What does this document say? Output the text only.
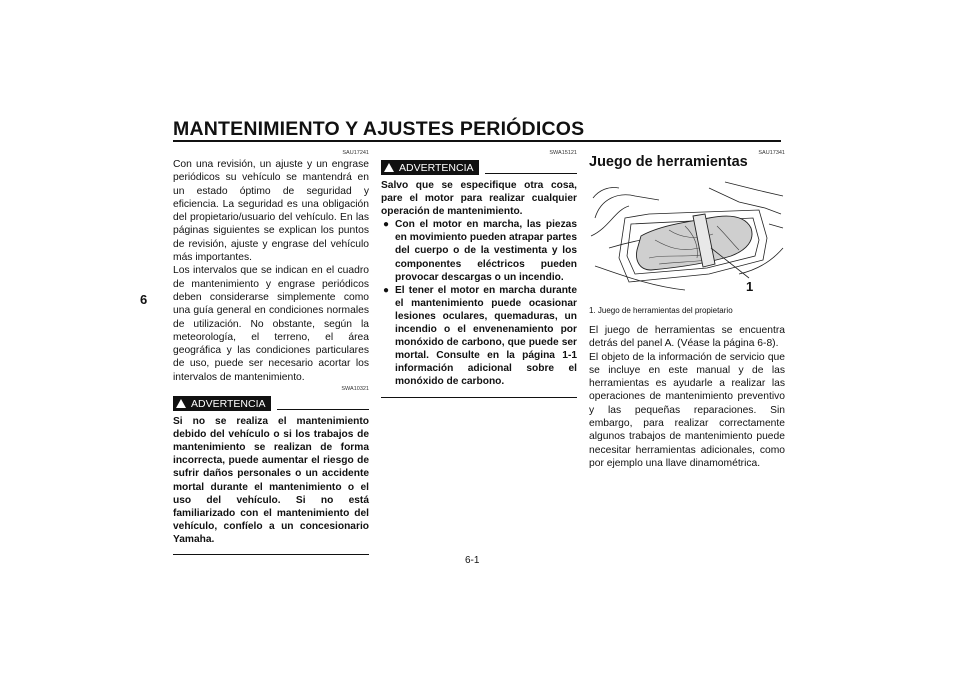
MANTENIMIENTO Y AJUSTES PERIÓDICOS
6
SAU17241

Con una revisión, un ajuste y un engrase periódicos su vehículo se mantendrá en un estado óptimo de seguridad y eficiencia. La seguridad es una obligación del propietario/usuario del vehículo. En las páginas siguientes se explican los puntos de revisión, ajuste y engrase del vehículo más importantes.

Los intervalos que se indican en el cuadro de mantenimiento y engrase periódicos deben considerarse simplemente como una guía general en condiciones normales de utilización. No obstante, según la meteorología, el terreno, el área geográfica y las condiciones particulares de uso, puede ser necesario acortar los intervalos de mantenimiento.

SWA10321
ADVERTENCIA

Si no se realiza el mantenimiento debido del vehículo o si los trabajos de mantenimiento se realizan de forma incorrecta, puede aumentar el riesgo de sufrir daños personales o un accidente mortal durante el mantenimiento o el uso del vehículo. Si no está familiarizado con el mantenimiento del vehículo, confíelo a un concesionario Yamaha.

SWA15121
ADVERTENCIA

Salvo que se especifique otra cosa, pare el motor para realizar cualquier operación de mantenimiento.

● Con el motor en marcha, las piezas en movimiento pueden atrapar partes del cuerpo o de la vestimenta y los componentes eléctricos pueden provocar descargas o un incendio.
● El tener el motor en marcha durante el mantenimiento puede ocasionar lesiones oculares, quemaduras, un incendio o el envenenamiento por monóxido de carbono, que puede ser mortal. Consulte en la página 1-1 información adicional sobre el monóxido de carbono.
SAU17341
Juego de herramientas
1
1. Juego de herramientas del propietario

El juego de herramientas se encuentra detrás del panel A. (Véase la página 6-8).

El objeto de la información de servicio que se incluye en este manual y de las herramientas es ayudarle a realizar las operaciones de mantenimiento preventivo y las pequeñas reparaciones. Sin embargo, para realizar correctamente algunos trabajos de mantenimiento puede necesitar herramientas adicionales, como por ejemplo una llave dinamométrica.

6-1
